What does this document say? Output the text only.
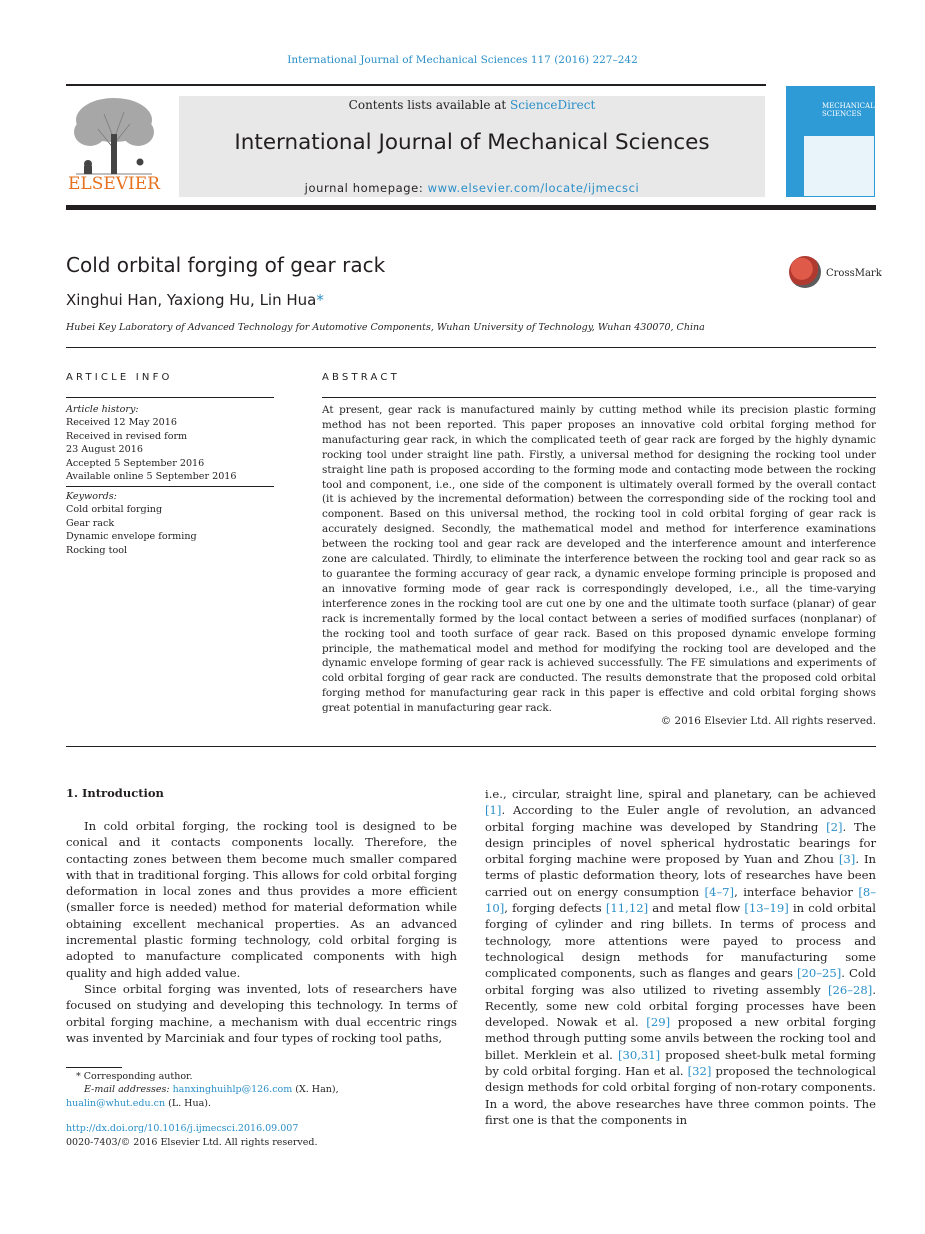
International Journal of Mechanical Sciences 117 (2016) 227–242
ELSEVIER
Contents lists available at ScienceDirect
International Journal of Mechanical Sciences
journal homepage: www.elsevier.com/locate/ijmecsci
MECHANICAL
SCIENCES
Cold orbital forging of gear rack	CrossMark
Xinghui Han, Yaxiong Hu, Lin Hua*
Hubei Key Laboratory of Advanced Technology for Automotive Components, Wuhan University of Technology, Wuhan 430070, China
ARTICLE INFO
Article history:
Received 12 May 2016
Received in revised form
23 August 2016
Accepted 5 September 2016
Available online 5 September 2016
Keywords:
Cold orbital forging
Gear rack
Dynamic envelope forming
Rocking tool
ABSTRACT
At present, gear rack is manufactured mainly by cutting method while its precision plastic forming method has not been reported. This paper proposes an innovative cold orbital forging method for manufacturing gear rack, in which the complicated teeth of gear rack are forged by the highly dynamic rocking tool under straight line path. Firstly, a universal method for designing the rocking tool under straight line path is proposed according to the forming mode and contacting mode between the rocking tool and component, i.e., one side of the component is ultimately overall formed by the overall contact (it is achieved by the incremental deformation) between the corresponding side of the rocking tool and component. Based on this universal method, the rocking tool in cold orbital forging of gear rack is accurately designed. Secondly, the mathematical model and method for interference examinations between the rocking tool and gear rack are developed and the interference amount and interference zone are calculated. Thirdly, to eliminate the interference between the rocking tool and gear rack so as to guarantee the forming accuracy of gear rack, a dynamic envelope forming principle is proposed and an innovative forming mode of gear rack is correspondingly developed, i.e., all the time-varying interference zones in the rocking tool are cut one by one and the ultimate tooth surface (planar) of gear rack is incrementally formed by the local contact between a series of modified surfaces (nonplanar) of the rocking tool and tooth surface of gear rack. Based on this proposed dynamic envelope forming principle, the mathematical model and method for modifying the rocking tool are developed and the dynamic envelope forming of gear rack is achieved successfully. The FE simulations and experiments of cold orbital forging of gear rack are conducted. The results demonstrate that the proposed cold orbital forging method for manufacturing gear rack in this paper is effective and cold orbital forging shows great potential in manufacturing gear rack.
© 2016 Elsevier Ltd. All rights reserved.
1. Introduction

In cold orbital forging, the rocking tool is designed to be conical and it contacts components locally. Therefore, the contacting zones between them become much smaller compared with that in traditional forging. This allows for cold orbital forging deformation in local zones and thus provides a more efficient (smaller force is needed) method for material deformation while obtaining excellent mechanical properties. As an advanced incremental plastic forming technology, cold orbital forging is adopted to manufacture complicated components with high quality and high added value.

Since orbital forging was invented, lots of researchers have focused on studying and developing this technology. In terms of orbital forging machine, a mechanism with dual eccentric rings was invented by Marciniak and four types of rocking tool paths,

i.e., circular, straight line, spiral and planetary, can be achieved [1]. According to the Euler angle of revolution, an advanced orbital forging machine was developed by Standring [2]. The design principles of novel spherical hydrostatic bearings for orbital forging machine were proposed by Yuan and Zhou [3]. In terms of plastic deformation theory, lots of researches have been carried out on energy consumption [4–7], interface behavior [8–10], forging defects [11,12] and metal flow [13–19] in cold orbital forging of cylinder and ring billets. In terms of process and technology, more attentions were payed to process and technological design methods for manufacturing some complicated components, such as flanges and gears [20–25]. Cold orbital forging was also utilized to riveting assembly [26–28]. Recently, some new cold orbital forging processes have been developed. Nowak et al. [29] proposed a new orbital forging method through putting some anvils between the rocking tool and billet. Merklein et al. [30,31] proposed sheet-bulk metal forming by cold orbital forging. Han et al. [32] proposed the technological design methods for cold orbital forging of non-rotary components. In a word, the above researches have three common points. The first one is that the components in

* Corresponding author.
E-mail addresses: hanxinghuihlp@126.com (X. Han),
hualin@whut.edu.cn (L. Hua).
http://dx.doi.org/10.1016/j.ijmecsci.2016.09.007
0020-7403/© 2016 Elsevier Ltd. All rights reserved.
